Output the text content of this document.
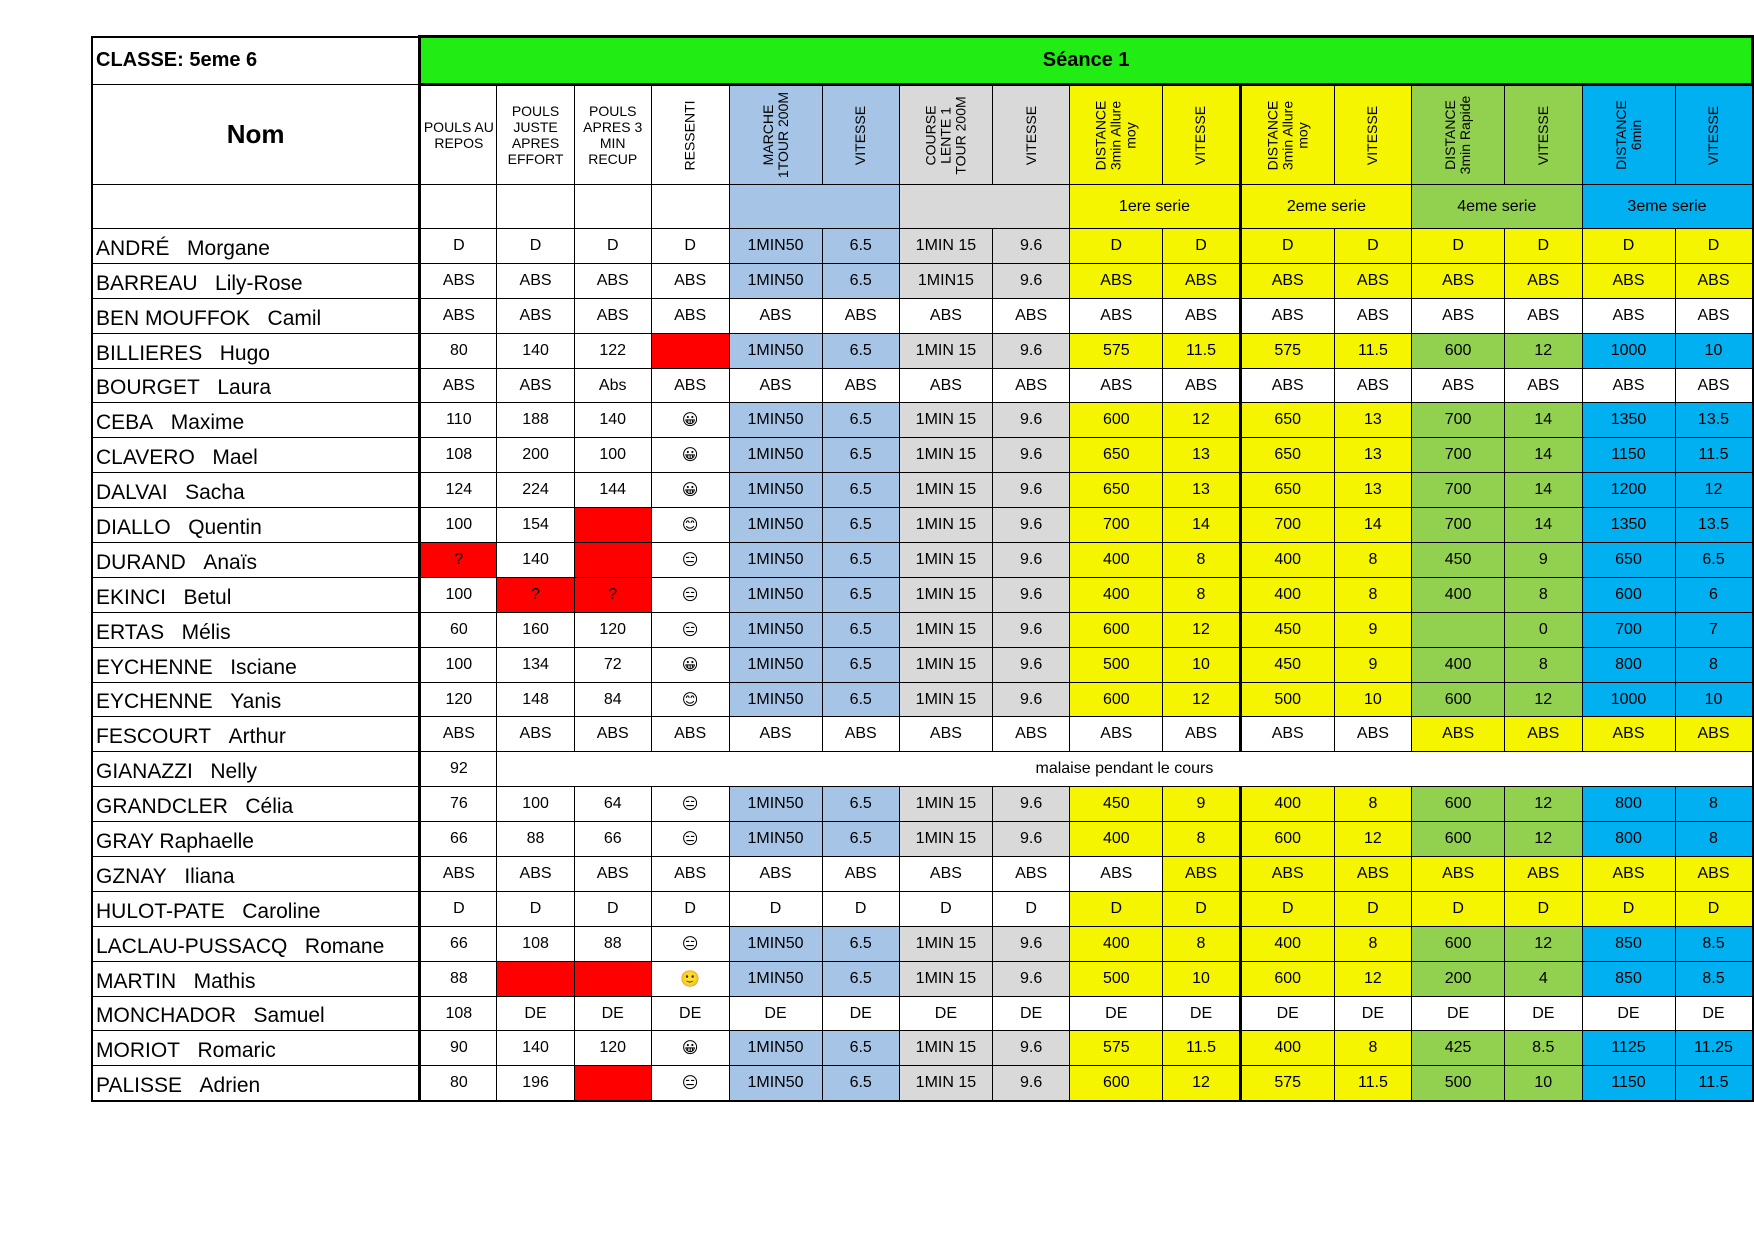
CLASSE: 5eme 6	Séance 1															
Nom	POULS AU REPOS	POULS JUSTE APRES EFFORT	POULS APRES 3 MIN RECUP	RESSENTI	MARCHE 1TOUR 200M	VITESSE	COURSE LENTE 1 TOUR 200M	VITESSE	DISTANCE 3min Allure moy	VITESSE	DISTANCE 3min Allure moy	VITESSE	DISTANCE 3min Rapide	VITESSE	DISTANCE 6min	VITESSE

									1ere serie		2eme serie		4eme serie		3eme serie	
ANDRÉ Morgane	D	D	D	D	1MIN50	6.5	1MIN 15	9.6	D	D	D	D	D	D	D	D
BARREAU Lily-Rose	ABS	ABS	ABS	ABS	1MIN50	6.5	1MIN15	9.6	ABS	ABS	ABS	ABS	ABS	ABS	ABS	ABS
BEN MOUFFOK Camil	ABS	ABS	ABS	ABS	ABS	ABS	ABS	ABS	ABS	ABS	ABS	ABS	ABS	ABS	ABS	ABS
BILLIERES Hugo	80	140	122		1MIN50	6.5	1MIN 15	9.6	575	11.5	575	11.5	600	12	1000	10
BOURGET Laura	ABS	ABS	Abs	ABS	ABS	ABS	ABS	ABS	ABS	ABS	ABS	ABS	ABS	ABS	ABS	ABS
CEBA Maxime	110	188	140	😀	1MIN50	6.5	1MIN 15	9.6	600	12	650	13	700	14	1350	13.5
CLAVERO Mael	108	200	100	😀	1MIN50	6.5	1MIN 15	9.6	650	13	650	13	700	14	1150	11.5
DALVAI Sacha	124	224	144	😀	1MIN50	6.5	1MIN 15	9.6	650	13	650	13	700	14	1200	12
DIALLO Quentin	100	154		😊	1MIN50	6.5	1MIN 15	9.6	700	14	700	14	700	14	1350	13.5
DURAND Anaïs	?	140		😑	1MIN50	6.5	1MIN 15	9.6	400	8	400	8	450	9	650	6.5
EKINCI Betul	100	?	?	😑	1MIN50	6.5	1MIN 15	9.6	400	8	400	8	400	8	600	6
ERTAS Mélis	60	160	120	😑	1MIN50	6.5	1MIN 15	9.6	600	12	450	9		0	700	7
EYCHENNE Isciane	100	134	72	😀	1MIN50	6.5	1MIN 15	9.6	500	10	450	9	400	8	800	8
EYCHENNE Yanis	120	148	84	😊	1MIN50	6.5	1MIN 15	9.6	600	12	500	10	600	12	1000	10
FESCOURT Arthur	ABS	ABS	ABS	ABS	ABS	ABS	ABS	ABS	ABS	ABS	ABS	ABS	ABS	ABS	ABS	ABS
GIANAZZI Nelly	92	malaise pendant le cours														
GRANDCLER Célia	76	100	64	😑	1MIN50	6.5	1MIN 15	9.6	450	9	400	8	600	12	800	8
GRAY Raphaelle	66	88	66	😑	1MIN50	6.5	1MIN 15	9.6	400	8	600	12	600	12	800	8
GZNAY Iliana	ABS	ABS	ABS	ABS	ABS	ABS	ABS	ABS	ABS	ABS	ABS	ABS	ABS	ABS	ABS	ABS
HULOT-PATE Caroline	D	D	D	D	D	D	D	D	D	D	D	D	D	D	D	D
LACLAU-PUSSACQ Romane	66	108	88	😑	1MIN50	6.5	1MIN 15	9.6	400	8	400	8	600	12	850	8.5
MARTIN Mathis	88			🙂	1MIN50	6.5	1MIN 15	9.6	500	10	600	12	200	4	850	8.5
MONCHADOR Samuel	108	DE	DE	DE	DE	DE	DE	DE	DE	DE	DE	DE	DE	DE	DE	DE
MORIOT Romaric	90	140	120	😀	1MIN50	6.5	1MIN 15	9.6	575	11.5	400	8	425	8.5	1125	11.25
PALISSE Adrien	80	196		😑	1MIN50	6.5	1MIN 15	9.6	600	12	575	11.5	500	10	1150	11.5
